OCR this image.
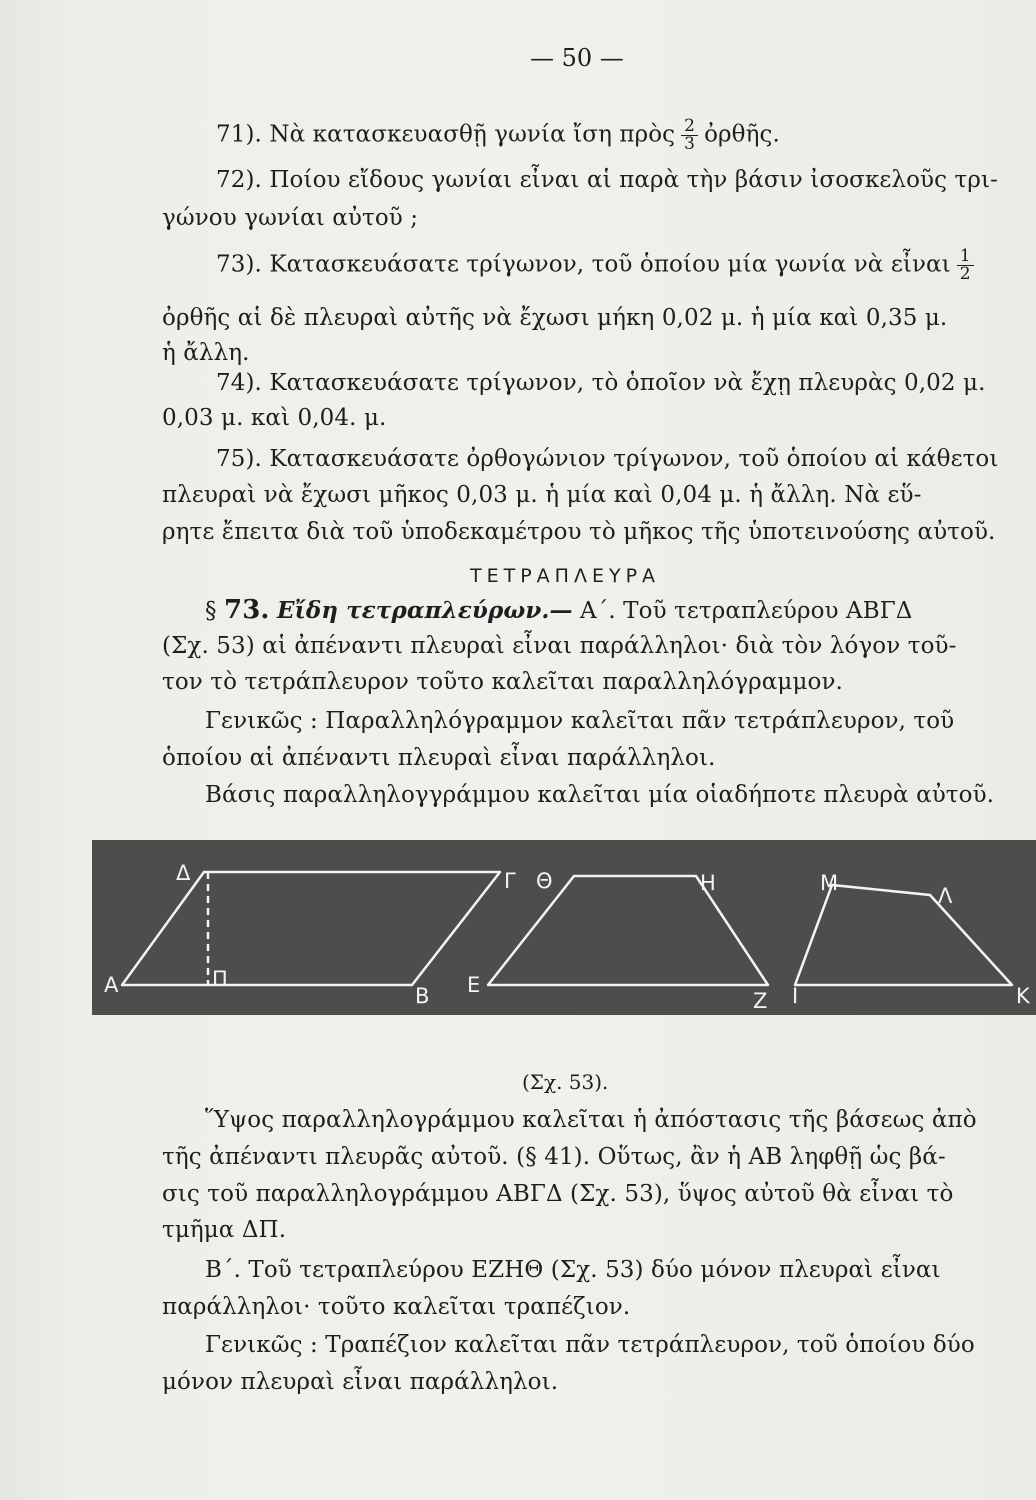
— 50 —
71). Νὰ κατασκευασθῇ γωνία ἴση πρὸς $\frac{2}{3}$ ὀρθῆς.
72). Ποίου εἴδους γωνίαι εἶναι αἱ παρὰ τὴν βάσιν ἰσοσκελοῦς τρι-
γώνου γωνίαι αὐτοῦ ;
73). Κατασκευάσατε τρίγωνον, τοῦ ὁποίου μία γωνία νὰ εἶναι $\frac{1}{2}$
ὀρθῆς αἱ δὲ πλευραὶ αὐτῆς νὰ ἔχωσι μήκη 0,02 μ. ἡ μία καὶ 0,35 μ.
ἡ ἄλλη.
74). Κατασκευάσατε τρίγωνον, τὸ ὁποῖον νὰ ἔχῃ πλευρὰς 0,02 μ.
0,03 μ. καὶ 0,04. μ.
75). Κατασκευάσατε ὀρθογώνιον τρίγωνον, τοῦ ὁποίου αἱ κάθετοι
πλευραὶ νὰ ἔχωσι μῆκος 0,03 μ. ἡ μία καὶ 0,04 μ. ἡ ἄλλη. Νὰ εὕ-
ρητε ἔπειτα διὰ τοῦ ὑποδεκαμέτρου τὸ μῆκος τῆς ὑποτεινούσης αὐτοῦ.
ΤΕΤΡΑΠΛΕΥΡΑ
§ 73. Εἴδη τετραπλεύρων.— Α΄. Τοῦ τετραπλεύρου ΑΒΓΔ
(Σχ. 53) αἱ ἀπέναντι πλευραὶ εἶναι παράλληλοι· διὰ τὸν λόγον τοῦ-
τον τὸ τετράπλευρον τοῦτο καλεῖται παραλληλόγραμμον.
Γενικῶς : Παραλληλόγραμμον καλεῖται πᾶν τετράπλευρον, τοῦ
ὁποίου αἱ ἀπέναντι πλευραὶ εἶναι παράλληλοι.
Βάσις παραλληλογγράμμου καλεῖται μία οἱαδήποτε πλευρὰ αὐτοῦ.
Δ	Γ
Α	Π
Β
Θ	Η
Ε
Ζ
Μ
Λ
Ι	Κ
(Σχ. 53).
Ὕψος παραλληλογράμμου καλεῖται ἡ ἀπόστασις τῆς βάσεως ἀπὸ
τῆς ἀπέναντι πλευρᾶς αὐτοῦ. (§ 41). Οὕτως, ἂν ἡ ΑΒ ληφθῇ ὡς βά-
σις τοῦ παραλληλογράμμου ΑΒΓΔ (Σχ. 53), ὕψος αὐτοῦ θὰ εἶναι τὸ
τμῆμα ΔΠ.
Β΄. Τοῦ τετραπλεύρου ΕΖΗΘ (Σχ. 53) δύο μόνον πλευραὶ εἶναι
παράλληλοι· τοῦτο καλεῖται τραπέζιον.
Γενικῶς : Τραπέζιον καλεῖται πᾶν τετράπλευρον, τοῦ ὁποίου δύο
μόνον πλευραὶ εἶναι παράλληλοι.
